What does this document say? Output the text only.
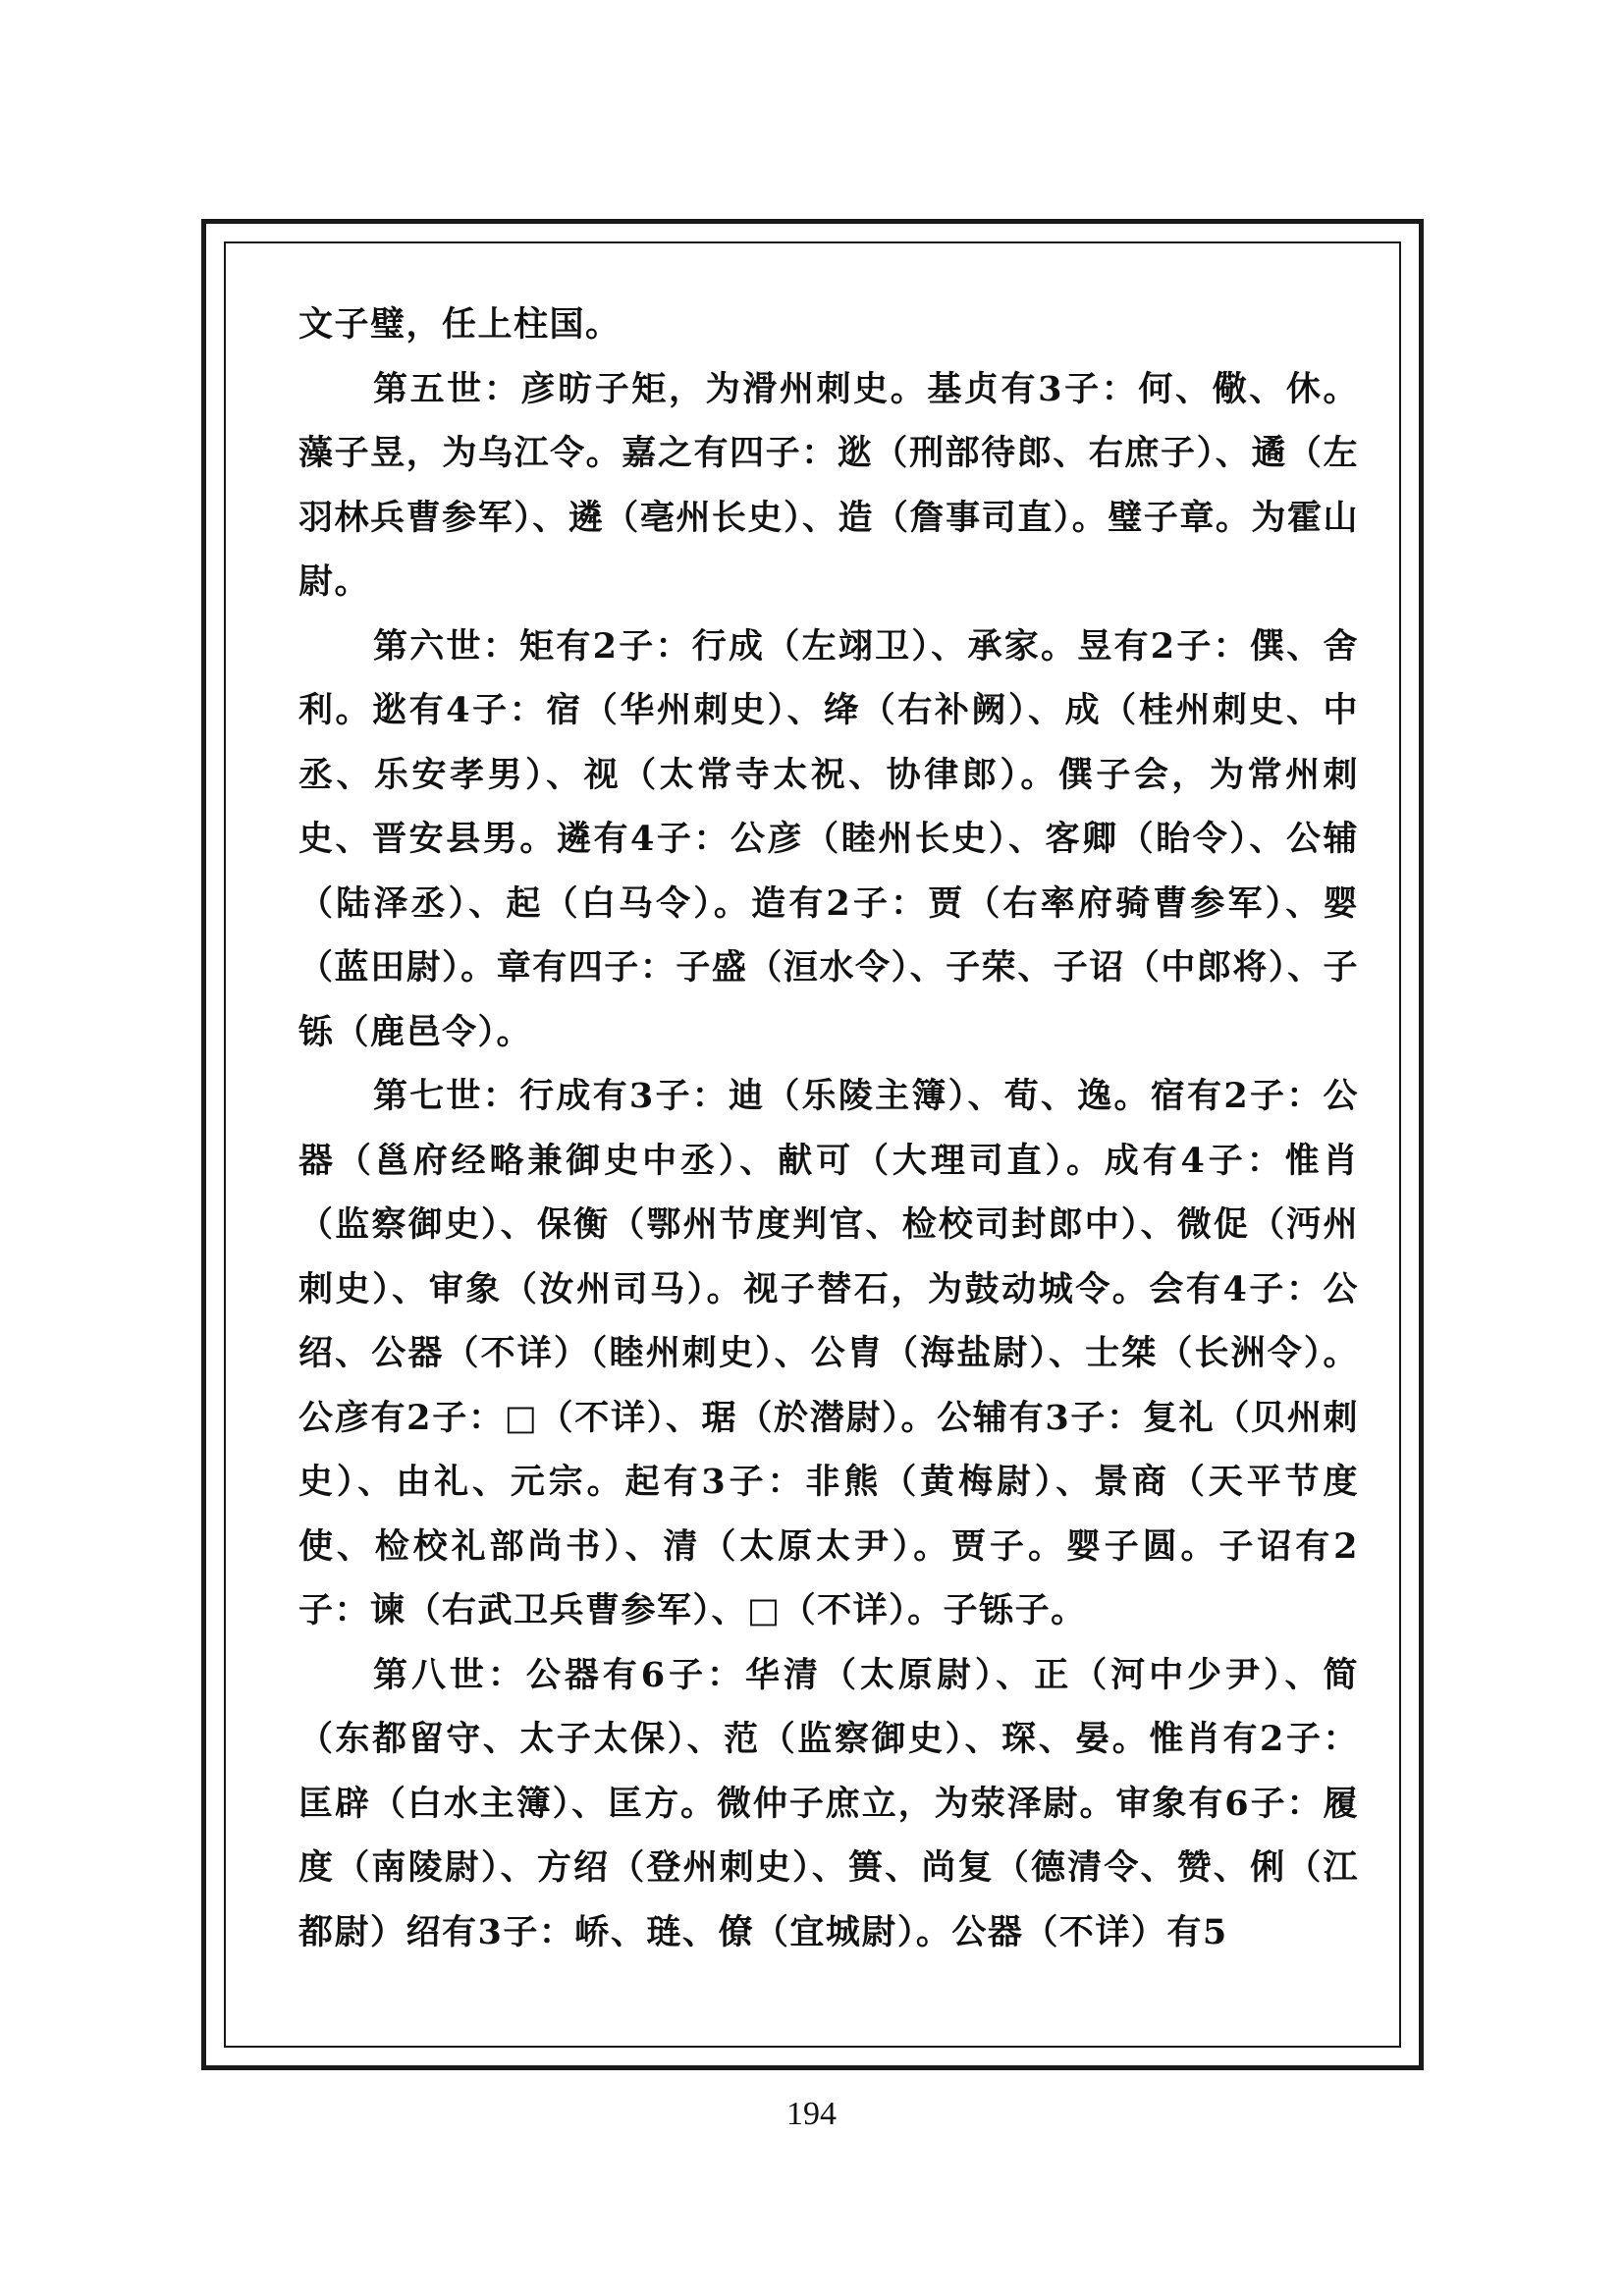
文子璧，任上柱国。

第五世：彦昉子矩，为滑州刺史。基贞有3子：何、儆、休。藻子昱，为乌江令。嘉之有四子：逖（刑部待郎、右庶子）、遹（左羽林兵曹参军）、遴（亳州长史）、造（詹事司直）。璧子章。为霍山尉。

第六世：矩有2子：行成（左翊卫）、承家。昱有2子：僎、舍利。逖有4子：宿（华州刺史）、绛（右补阙）、成（桂州刺史、中丞、乐安孝男）、视（太常寺太祝、协律郎）。僎子会，为常州刺史、晋安县男。遴有4子：公彦（睦州长史）、客卿（眙令）、公辅（陆泽丞）、起（白马令）。造有2子：贾（右率府骑曹参军）、婴（蓝田尉）。章有四子：子盛（洹水令）、子荣、子诏（中郎将）、子铄（鹿邑令）。

第七世：行成有3子：迪（乐陵主簿）、荀、逸。宿有2子：公器（邕府经略兼御史中丞）、献可（大理司直）。成有4子：惟肖（监察御史）、保衡（鄂州节度判官、检校司封郎中）、微促（沔州刺史）、审象（汝州司马）。视子替石，为鼓动城令。会有4子：公绍、公器（不详）（睦州刺史）、公胄（海盐尉）、士桀（长洲令）。公彦有2子：□（不详）、琚（於潜尉）。公辅有3子：复礼（贝州刺史）、由礼、元宗。起有3子：非熊（黄梅尉）、景商（天平节度使、检校礼部尚书）、清（太原太尹）。贾子。婴子圆。子诏有2子：谏（右武卫兵曹参军）、□（不详）。子铄子。

第八世：公器有6子：华清（太原尉）、正（河中少尹）、简（东都留守、太子太保）、范（监察御史）、琛、晏。惟肖有2子：匡辟（白水主簿）、匡方。微仲子庶立，为荥泽尉。审象有6子：履度（南陵尉）、方绍（登州刺史）、篑、尚复（德清令、赞、俐（江都尉）绍有3子：峤、琏、僚（宜城尉）。公器（不详）有5

194
